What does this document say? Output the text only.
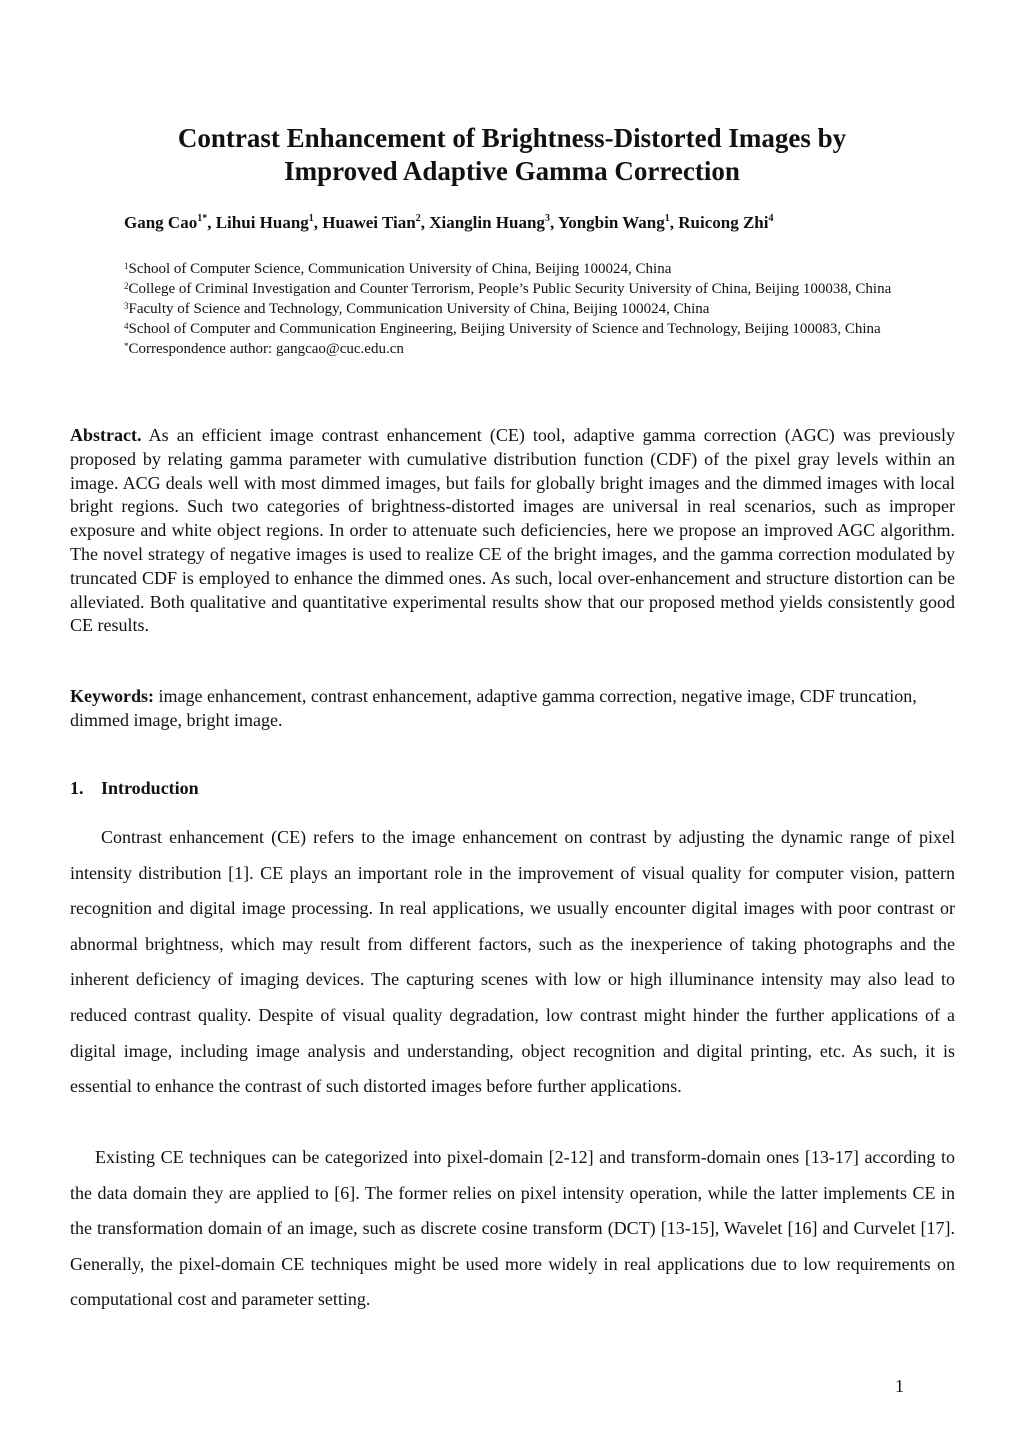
Contrast Enhancement of Brightness-Distorted Images by
Improved Adaptive Gamma Correction
Gang Cao$^{1*}$, Lihui Huang$^1$, Huawei Tian$^2$, Xianglin Huang$^3$, Yongbin Wang$^1$, Ruicong Zhi$^4$
$^1$School of Computer Science, Communication University of China, Beijing 100024, China
$^2$College of Criminal Investigation and Counter Terrorism, People’s Public Security University of China, Beijing 100038, China
$^3$Faculty of Science and Technology, Communication University of China, Beijing 100024, China
$^4$School of Computer and Communication Engineering, Beijing University of Science and Technology, Beijing 100083, China
*Correspondence author: gangcao@cuc.edu.cn

Abstract. As an efficient image contrast enhancement (CE) tool, adaptive gamma correction (AGC) was previously proposed by relating gamma parameter with cumulative distribution function (CDF) of the pixel gray levels within an image. ACG deals well with most dimmed images, but fails for globally bright images and the dimmed images with local bright regions. Such two categories of brightness-distorted images are universal in real scenarios, such as improper exposure and white object regions. In order to attenuate such deficiencies, here we propose an improved AGC algorithm. The novel strategy of negative images is used to realize CE of the bright images, and the gamma correction modulated by truncated CDF is employed to enhance the dimmed ones. As such, local over-enhancement and structure distortion can be alleviated. Both qualitative and quantitative experimental results show that our proposed method yields consistently good CE results.

Keywords: image enhancement, contrast enhancement, adaptive gamma correction, negative image, CDF truncation, dimmed image, bright image.

1. Introduction

Contrast enhancement (CE) refers to the image enhancement on contrast by adjusting the dynamic range of pixel intensity distribution [1]. CE plays an important role in the improvement of visual quality for computer vision, pattern recognition and digital image processing. In real applications, we usually encounter digital images with poor contrast or abnormal brightness, which may result from different factors, such as the inexperience of taking photographs and the inherent deficiency of imaging devices. The capturing scenes with low or high illuminance intensity may also lead to reduced contrast quality. Despite of visual quality degradation, low contrast might hinder the further applications of a digital image, including image analysis and understanding, object recognition and digital printing, etc. As such, it is essential to enhance the contrast of such distorted images before further applications.

Existing CE techniques can be categorized into pixel-domain [2-12] and transform-domain ones [13-17] according to the data domain they are applied to [6]. The former relies on pixel intensity operation, while the latter implements CE in the transformation domain of an image, such as discrete cosine transform (DCT) [13-15], Wavelet [16] and Curvelet [17]. Generally, the pixel-domain CE techniques might be used more widely in real applications due to low requirements on computational cost and parameter setting.

1
